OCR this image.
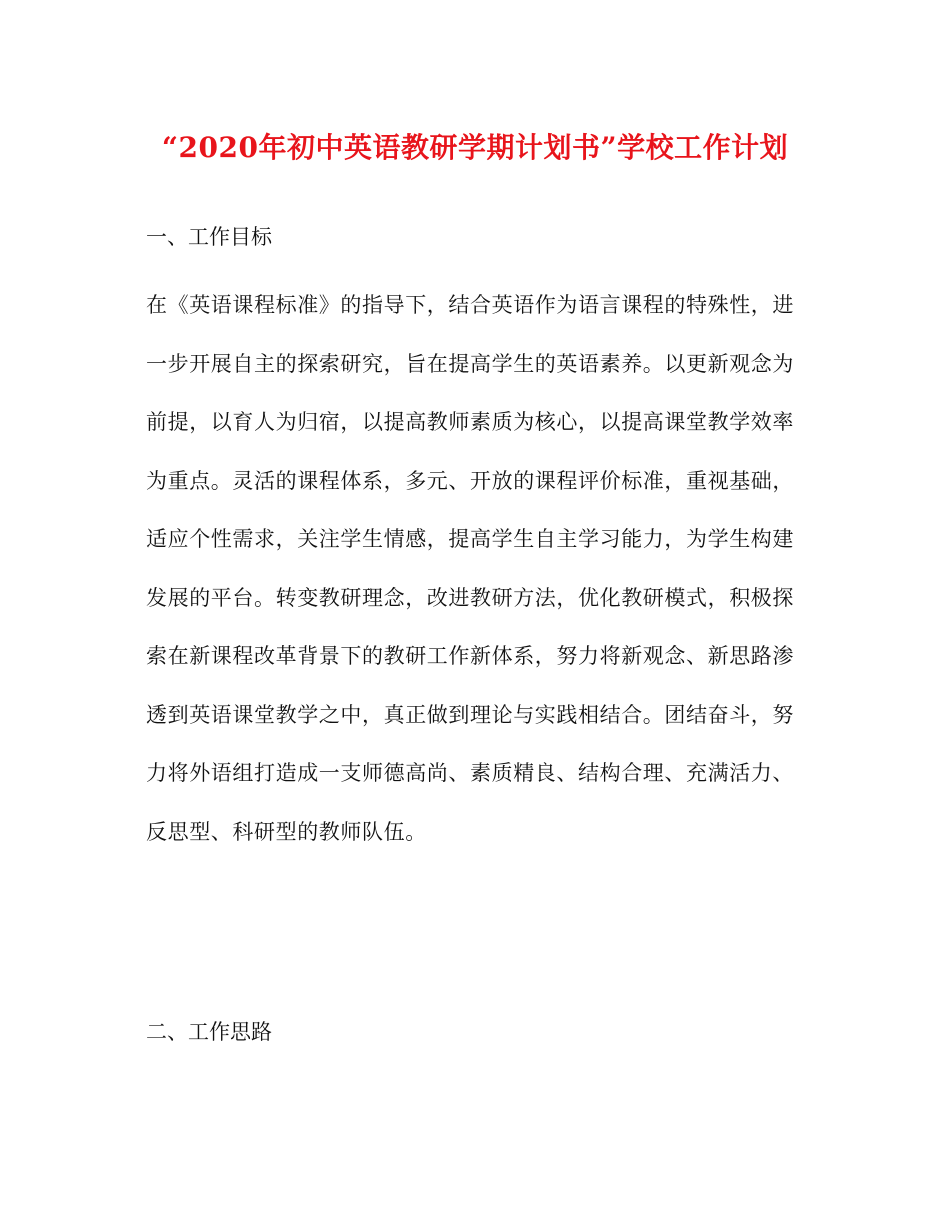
“2020年初中英语教研学期计划书”学校工作计划
一、工作目标
在《英语课程标准》的指导下，结合英语作为语言课程的特殊性，进
一步开展自主的探索研究，旨在提高学生的英语素养。以更新观念为
前提，以育人为归宿，以提高教师素质为核心，以提高课堂教学效率
为重点。灵活的课程体系，多元、开放的课程评价标准，重视基础，
适应个性需求，关注学生情感，提高学生自主学习能力，为学生构建
发展的平台。转变教研理念，改进教研方法，优化教研模式，积极探
索在新课程改革背景下的教研工作新体系，努力将新观念、新思路渗
透到英语课堂教学之中，真正做到理论与实践相结合。团结奋斗，努
力将外语组打造成一支师德高尚、素质精良、结构合理、充满活力、
反思型、科研型的教师队伍。
二、工作思路
